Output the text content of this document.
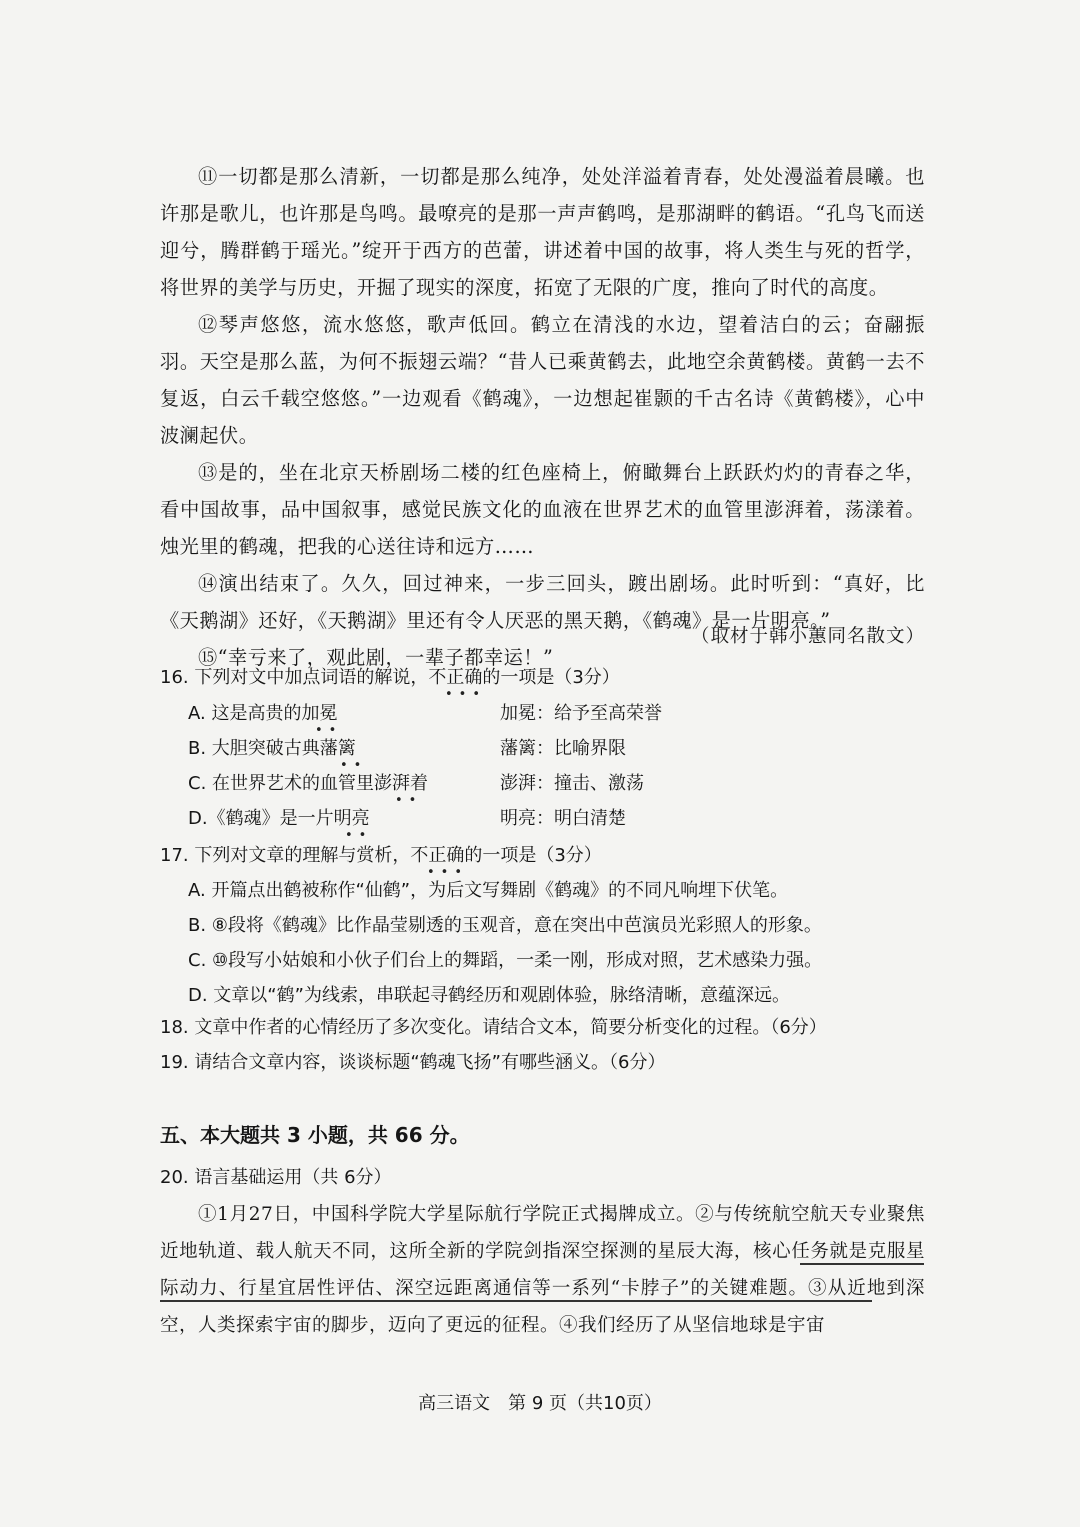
⑪一切都是那么清新，一切都是那么纯净，处处洋溢着青春，处处漫溢着晨曦。也许那是歌儿，也许那是鸟鸣。最嘹亮的是那一声声鹤鸣，是那湖畔的鹤语。“孔鸟飞而送迎兮，腾群鹤于瑶光。”绽开于西方的芭蕾，讲述着中国的故事，将人类生与死的哲学，将世界的美学与历史，开掘了现实的深度，拓宽了无限的广度，推向了时代的高度。

⑫琴声悠悠，流水悠悠，歌声低回。鹤立在清浅的水边，望着洁白的云；奋翮振羽。天空是那么蓝，为何不振翅云端？“昔人已乘黄鹤去，此地空余黄鹤楼。黄鹤一去不复返，白云千载空悠悠。”一边观看《鹤魂》，一边想起崔颢的千古名诗《黄鹤楼》，心中波澜起伏。

⑬是的，坐在北京天桥剧场二楼的红色座椅上，俯瞰舞台上跃跃灼灼的青春之华，看中国故事，品中国叙事，感觉民族文化的血液在世界艺术的血管里澎湃着，荡漾着。烛光里的鹤魂，把我的心送往诗和远方……

⑭演出结束了。久久，回过神来，一步三回头，踱出剧场。此时听到：“真好，比《天鹅湖》还好，《天鹅湖》里还有令人厌恶的黑天鹅，《鹤魂》是一片明亮。”

⑮“幸亏来了，观此剧，一辈子都幸运！”

（取材于韩小蕙同名散文）
16. 下列对文中加点词语的解说，不正确的一项是（3分）
•••
A. 这是高贵的加冕	加冕：给予至高荣誉
••
B. 大胆突破古典藩篱	藩篱：比喻界限
••
C. 在世界艺术的血管里澎湃着	澎湃：撞击、激荡
••
D.《鹤魂》是一片明亮	明亮：明白清楚
••
17. 下列对文章的理解与赏析，不正确的一项是（3分）
•••
A. 开篇点出鹤被称作“仙鹤”，为后文写舞剧《鹤魂》的不同凡响埋下伏笔。
B. ⑧段将《鹤魂》比作晶莹剔透的玉观音，意在突出中芭演员光彩照人的形象。
C. ⑩段写小姑娘和小伙子们台上的舞蹈，一柔一刚，形成对照，艺术感染力强。
D. 文章以“鹤”为线索，串联起寻鹤经历和观剧体验，脉络清晰，意蕴深远。
18. 文章中作者的心情经历了多次变化。请结合文本，简要分析变化的过程。（6分）
19. 请结合文章内容，谈谈标题“鹤魂飞扬”有哪些涵义。（6分）
五、本大题共 3 小题，共 66 分。
20. 语言基础运用（共 6分）

①1月27日，中国科学院大学星际航行学院正式揭牌成立。②与传统航空航天专业聚焦近地轨道、载人航天不同，这所全新的学院剑指深空探测的星辰大海，核心任务就是克服星际动力、行星宜居性评估、深空远距离通信等一系列“卡脖子”的关键难题。③从近地到深空，人类探索宇宙的脚步，迈向了更远的征程。④我们经历了从坚信地球是宇宙

高三语文　第 9 页（共10页）
